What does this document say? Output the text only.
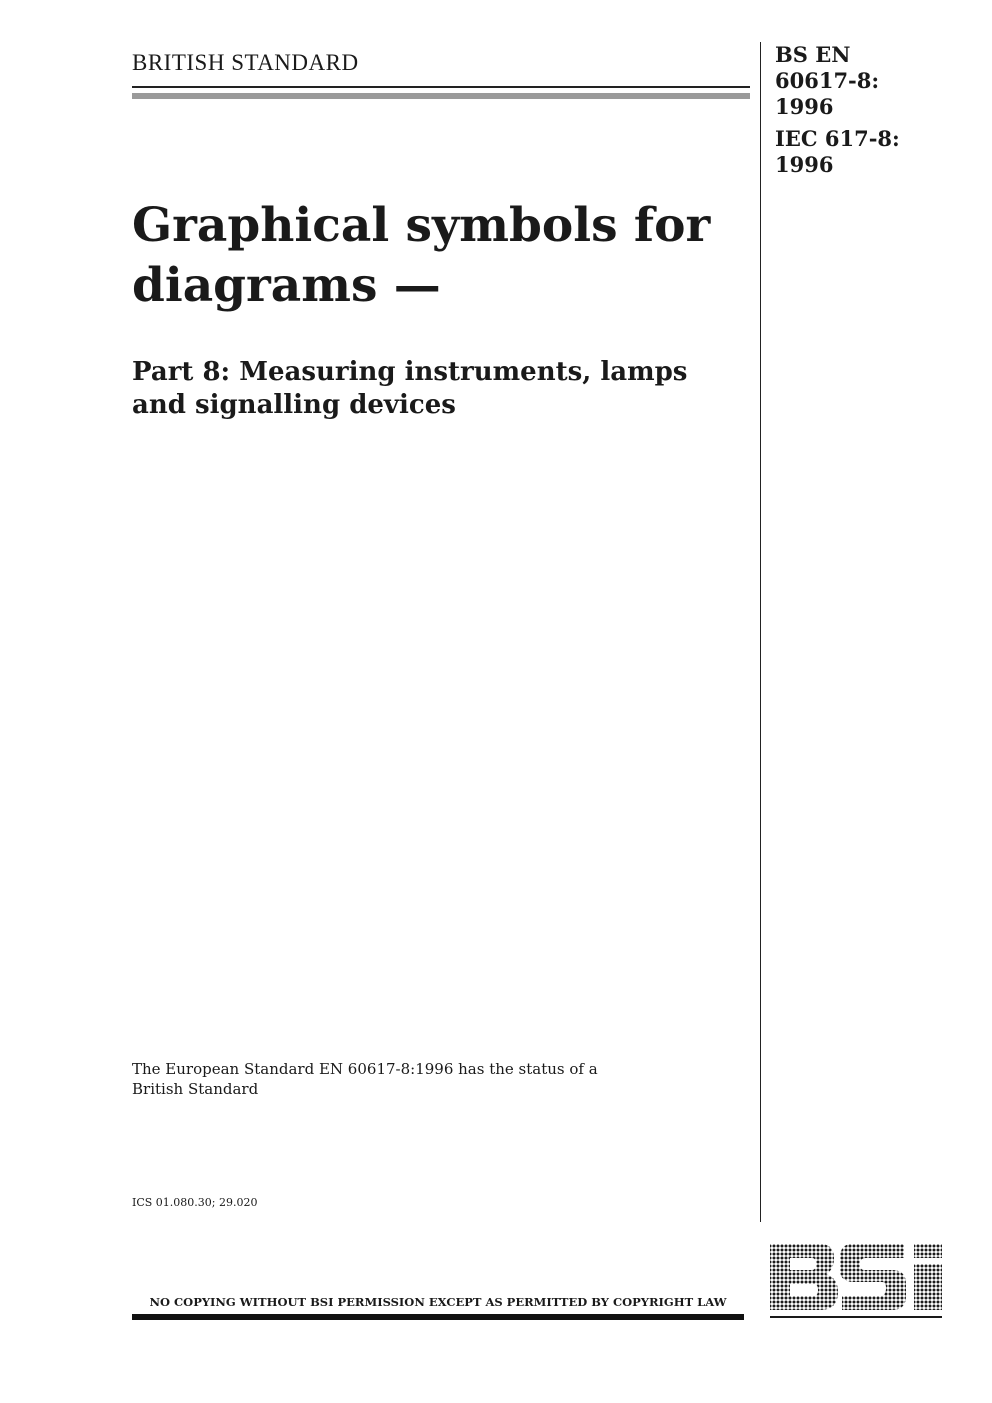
BRITISH STANDARD	BS EN
60617-8:
1996
IEC 617-8:
1996
Graphical symbols for
diagrams —
Part 8: Measuring instruments, lamps
and signalling devices
The European Standard EN 60617-8:1996 has the status of a
British Standard
ICS 01.080.30; 29.020
NO COPYING WITHOUT BSI PERMISSION EXCEPT AS PERMITTED BY COPYRIGHT LAW
